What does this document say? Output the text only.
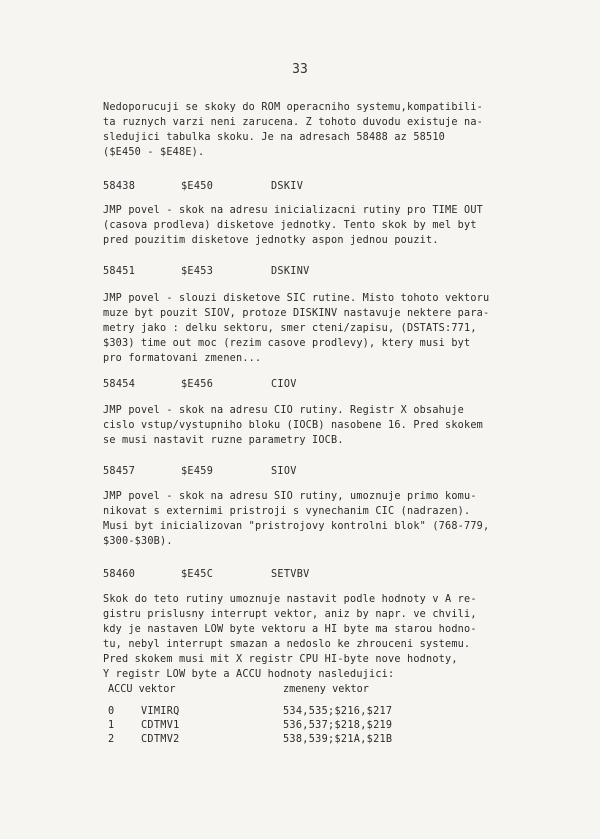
33
Nedoporucuji se skoky do ROM operacniho systemu,kompatibili-
ta ruznych varzi neni zarucena. Z tohoto duvodu existuje na-
sledujici tabulka skoku. Je na adresach 58488 az 58510
($E450 - $E48E).
58438	$E450	DSKIV
JMP povel - skok na adresu inicializacni rutiny pro TIME OUT
(casova prodleva) disketove jednotky. Tento skok by mel byt
pred pouzitim disketove jednotky aspon jednou pouzit.
58451	$E453	DSKINV
JMP povel - slouzi disketove SIC rutine. Misto tohoto vektoru
muze byt pouzit SIOV, protoze DISKINV nastavuje nektere para-
metry jako : delku sektoru, smer cteni/zapisu, (DSTATS:771,
$303) time out moc (rezim casove prodlevy), ktery musi byt
pro formatovani zmenen...
58454	$E456	CIOV
JMP povel - skok na adresu CIO rutiny. Registr X obsahuje
cislo vstup/vystupniho bloku (IOCB) nasobene 16. Pred skokem
se musi nastavit ruzne parametry IOCB.
58457	$E459	SIOV
JMP povel - skok na adresu SIO rutiny, umoznuje primo komu-
nikovat s externimi pristroji s vynechanim CIC (nadrazen).
Musi byt inicializovan "pristrojovy kontrolni blok" (768-779,
$300-$30B).
58460	$E45C	SETVBV
Skok do teto rutiny umoznuje nastavit podle hodnoty v A re-
gistru prislusny interrupt vektor, aniz by napr. ve chvili,
kdy je nastaven LOW byte vektoru a HI byte ma starou hodno-
tu, nebyl interrupt smazan a nedoslo ke zhrouceni systemu.
Pred skokem musi mit X registr CPU HI-byte nove hodnoty,
Y registr LOW byte a ACCU hodnoty nasledujici:
ACCU vektor	zmeneny vektor
0	VIMIRQ	534,535;$216,$217
1	CDTMV1	536,537;$218,$219
2	CDTMV2	538,539;$21A,$21B
